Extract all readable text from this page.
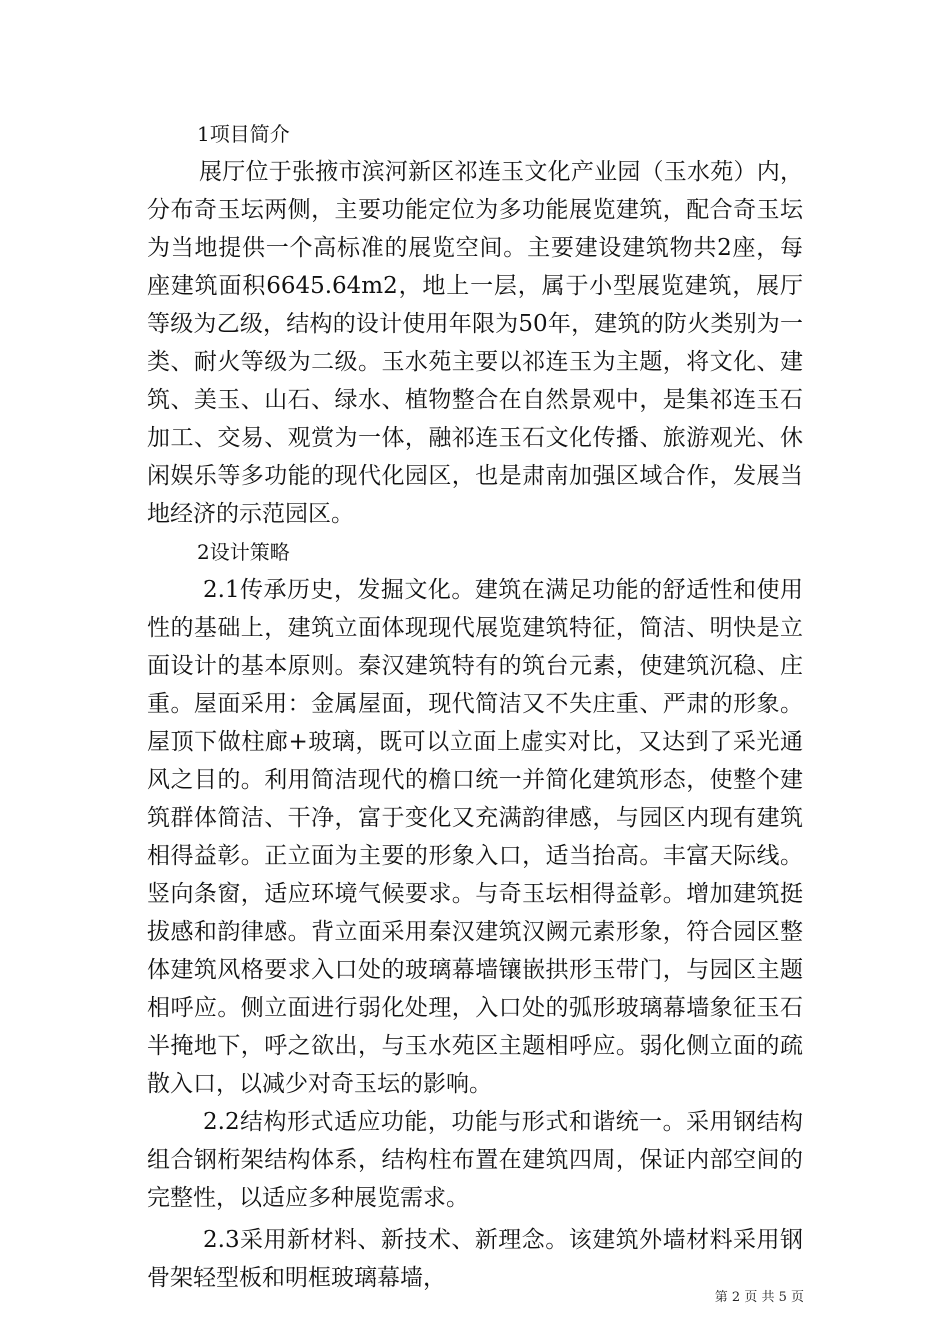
1项目简介

展厅位于张掖市滨河新区祁连玉文化产业园（玉水苑）内，分布奇玉坛两侧，主要功能定位为多功能展览建筑，配合奇玉坛为当地提供一个高标准的展览空间。主要建设建筑物共2座，每座建筑面积6645.64m2，地上一层，属于小型展览建筑，展厅等级为乙级，结构的设计使用年限为50年，建筑的防火类别为一类、耐火等级为二级。玉水苑主要以祁连玉为主题，将文化、建筑、美玉、山石、绿水、植物整合在自然景观中，是集祁连玉石加工、交易、观赏为一体，融祁连玉石文化传播、旅游观光、休闲娱乐等多功能的现代化园区，也是肃南加强区域合作，发展当地经济的示范园区。

2设计策略

2.1传承历史，发掘文化。建筑在满足功能的舒适性和使用性的基础上，建筑立面体现现代展览建筑特征，简洁、明快是立面设计的基本原则。秦汉建筑特有的筑台元素，使建筑沉稳、庄重。屋面采用：金属屋面，现代简洁又不失庄重、严肃的形象。屋顶下做柱廊+玻璃，既可以立面上虚实对比，又达到了采光通风之目的。利用简洁现代的檐口统一并简化建筑形态，使整个建筑群体简洁、干净，富于变化又充满韵律感，与园区内现有建筑相得益彰。正立面为主要的形象入口，适当抬高。丰富天际线。竖向条窗，适应环境气候要求。与奇玉坛相得益彰。增加建筑挺拔感和韵律感。背立面采用秦汉建筑汉阙元素形象，符合园区整体建筑风格要求入口处的玻璃幕墙镶嵌拱形玉带门，与园区主题相呼应。侧立面进行弱化处理，入口处的弧形玻璃幕墙象征玉石半掩地下，呼之欲出，与玉水苑区主题相呼应。弱化侧立面的疏散入口，以减少对奇玉坛的影响。

2.2结构形式适应功能，功能与形式和谐统一。采用钢结构组合钢桁架结构体系，结构柱布置在建筑四周，保证内部空间的完整性，以适应多种展览需求。

2.3采用新材料、新技术、新理念。该建筑外墙材料采用钢骨架轻型板和明框玻璃幕墙，

第 2 页 共 5 页
